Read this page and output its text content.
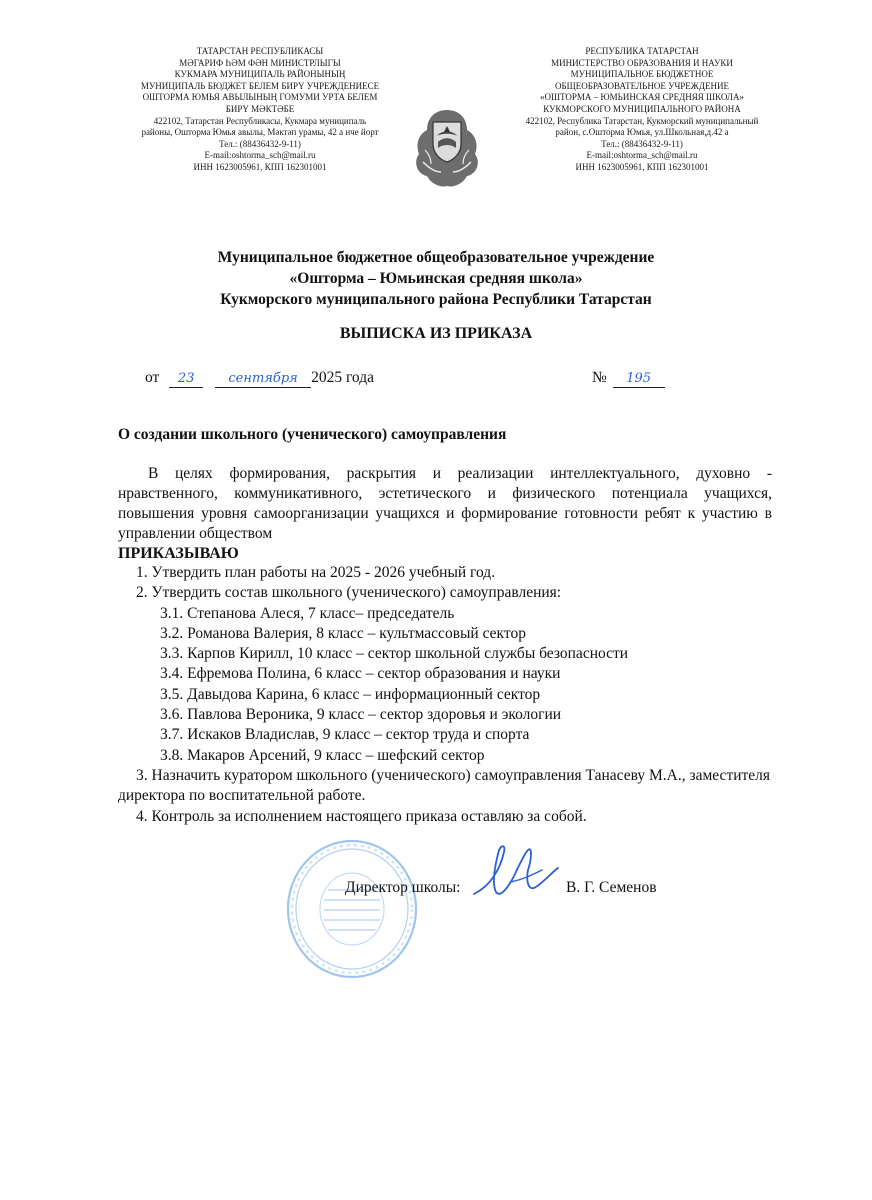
ТАТАРСТАН РЕСПУБЛИКАСЫ
МӘГАРИФ ҺӘМ ФӘН МИНИСТРЛЫГЫ
КУКМАРА МУНИЦИПАЛЬ РАЙОНЫНЫҢ
МУНИЦИПАЛЬ БЮДЖЕТ БЕЛЕМ БИРҮ УЧРЕЖДЕНИЕСЕ
ОШТОРМА ЮМЬЯ АВЫЛЫНЫҢ ГОМУМИ УРТА БЕЛЕМ
БИРҮ МӘКТӘБЕ
422102, Татарстан Республикасы, Кукмара муниципаль
районы, Ошторма Юмья авылы, Мәктәп урамы, 42 а нче йорт
Тел.: (88436432-9-11)
E-mail:oshtorma_sch@mail.ru
ИНН 1623005961, КПП 162301001
РЕСПУБЛИКА ТАТАРСТАН
МИНИСТЕРСТВО ОБРАЗОВАНИЯ И НАУКИ
МУНИЦИПАЛЬНОЕ БЮДЖЕТНОЕ
ОБЩЕОБРАЗОВАТЕЛЬНОЕ УЧРЕЖДЕНИЕ
«ОШТОРМА – ЮМЬИНСКАЯ СРЕДНЯЯ ШКОЛА»
КУКМОРСКОГО МУНИЦИПАЛЬНОГО РАЙОНА
422102, Республика Татарстан, Кукморский муниципальный
район, с.Ошторма Юмья, ул.Школьная,д.42 а
Тел.: (88436432-9-11)
E-mail:oshtorma_sch@mail.ru
ИНН 1623005961, КПП 162301001
Муниципальное бюджетное общеобразовательное учреждение
«Ошторма – Юмьинская средняя школа»
Кукморского муниципального района Республики Татарстан
ВЫПИСКА ИЗ ПРИКАЗА
от 23	сентября 2025 года	№ 195
О создании школьного (ученического) самоуправления

В целях формирования, раскрытия и реализации интеллектуального, духовно - нравственного, коммуникативного, эстетического и физического потенциала учащихся, повышения уровня самоорганизации учащихся и формирование готовности ребят к участию в управлении обществом

ПРИКАЗЫВАЮ
1. Утвердить план работы на 2025 - 2026 учебный год.
2. Утвердить состав школьного (ученического) самоуправления:
3.1. Степанова Алеся, 7 класс– председатель
3.2. Романова Валерия, 8 класс – культмассовый сектор
3.3. Карпов Кирилл, 10 класс – сектор школьной службы безопасности
3.4. Ефремова Полина, 6 класс – сектор образования и науки
3.5. Давыдова Карина, 6 класс – информационный сектор
3.6. Павлова Вероника, 9 класс – сектор здоровья и экологии
3.7. Искаков Владислав, 9 класс – сектор труда и спорта
3.8. Макаров Арсений, 9 класс – шефский сектор
3. Назначить куратором школьного (ученического) самоуправления Танасеву М.А., заместителя директора по воспитательной работе.
4. Контроль за исполнением настоящего приказа оставляю за собой.
Директор школы:	В. Г. Семенов
